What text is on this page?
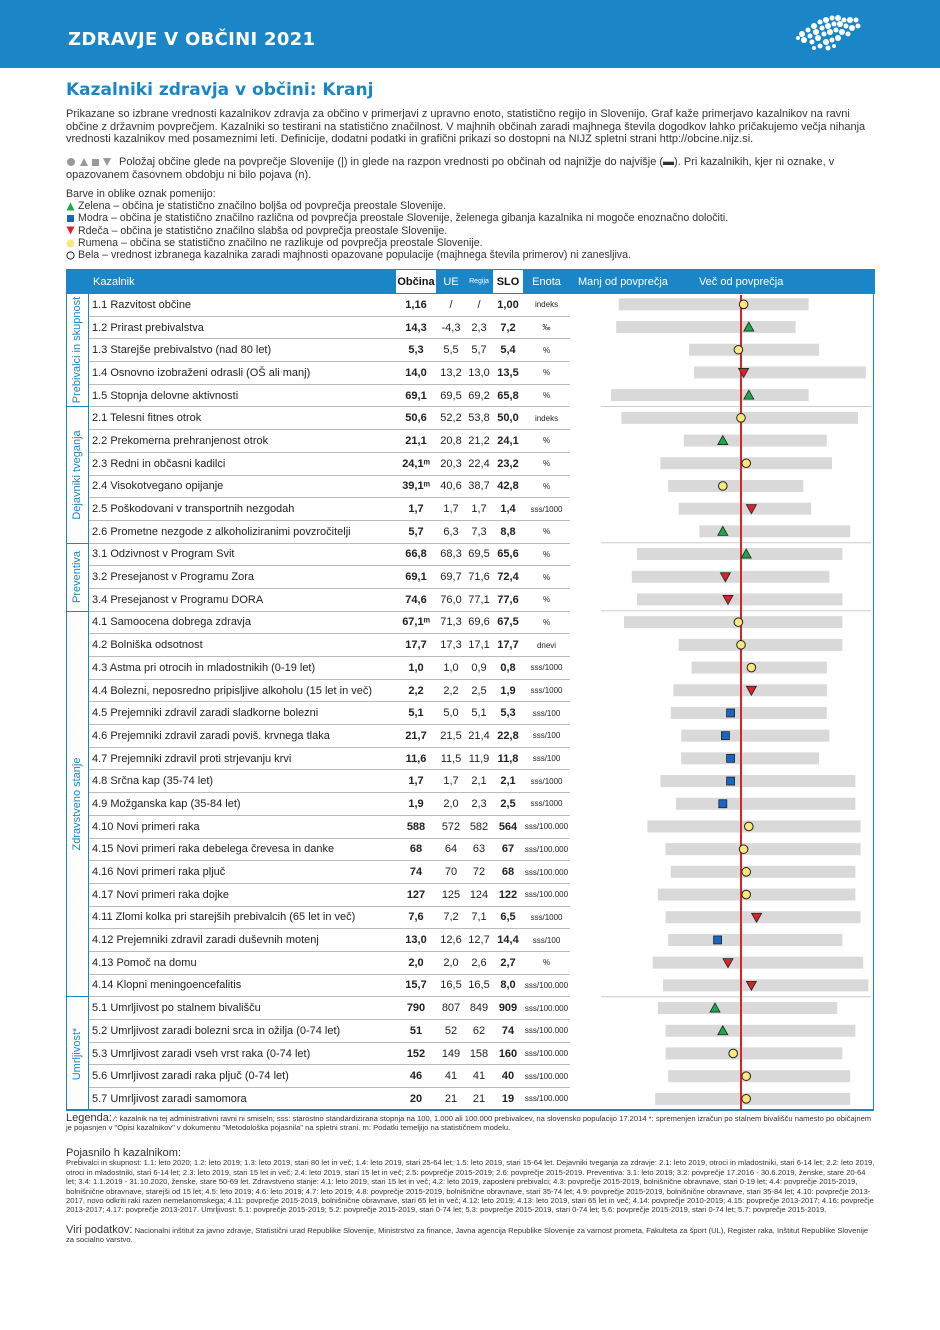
ZDRAVJE V OBČINI 2021
Kazalniki zdravja v občini: Kranj
Prikazane so izbrane vrednosti kazalnikov zdravja za občino v primerjavi z upravno enoto, statistično regijo in Slovenijo. Graf kaže primerjavo kazalnikov na ravni občine z državnim povprečjem. Kazalniki so testirani na statistično značilnost. V majhnih občinah zaradi majhnega števila dogodkov lahko pričakujemo večja nihanja vrednosti kazalnikov med posameznimi leti. Definicije, dodatni podatki in grafični prikazi so dostopni na NIJZ spletni strani http://obcine.nijz.si.
Položaj občine glede na povprečje Slovenije (|) in glede na razpon vrednosti po občinah od najnižje do najvišje (▬). Pri kazalnikih, kjer ni oznake, v opazovanem časovnem obdobju ni bilo pojava (n).
Barve in oblike oznak pomenijo:
Zelena – občina je statistično značilno boljša od povprečja preostale Slovenije.
Modra – občina je statistično značilno različna od povprečja preostale Slovenije, želenega gibanja kazalnika ni mogoče enoznačno določiti.
Rdeča – občina je statistično značilno slabša od povprečja preostale Slovenije.
Rumena – občina se statistično značilno ne razlikuje od povprečja preostale Slovenije.
Bela – vrednost izbranega kazalnika zaradi majhnosti opazovane populacije (majhnega števila primerov) ni zanesljiva.
	Kazalnik	Občina	UE	Regija	SLO	Enota	Manj od povprečja Več od povprečja

Prebivalci in skupnost	1.1 Razvitost občine	1,16	/	/	1,00	indeks	
	1.2 Prirast prebivalstva	14,3	-4,3	2,3	7,2	‰	
	1.3 Starejše prebivalstvo (nad 80 let)	5,3	5,5	5,7	5,4	%	
	1.4 Osnovno izobraženi odrasli (OŠ ali manj)	14,0	13,2	13,0	13,5	%	
	1.5 Stopnja delovne aktivnosti	69,1	69,5	69,2	65,8	%	

Dejavniki tveganja	2.1 Telesni fitnes otrok	50,6	52,2	53,8	50,0	indeks	
	2.2 Prekomerna prehranjenost otrok	21,1	20,8	21,2	24,1	%	
	2.3 Redni in občasni kadilci	24,1ᵐ	20,3	22,4	23,2	%	
	2.4 Visokotvegano opijanje	39,1ᵐ	40,6	38,7	42,8	%	
	2.5 Poškodovani v transportnih nezgodah	1,7	1,7	1,7	1,4	sss/1000	
	2.6 Prometne nezgode z alkoholiziranimi povzročitelji	5,7	6,3	7,3	8,8	%	

Preventiva	3.1 Odzivnost v Program Svit	66,8	68,3	69,5	65,6	%	
	3.2 Presejanost v Programu Zora	69,1	69,7	71,6	72,4	%	
	3.4 Presejanost v Programu DORA	74,6	76,0	77,1	77,6	%	

Zdravstveno stanje	4.1 Samoocena dobrega zdravja	67,1ᵐ	71,3	69,6	67,5	%	
	4.2 Bolniška odsotnost	17,7	17,3	17,1	17,7	dnevi	
	4.3 Astma pri otrocih in mladostnikih (0-19 let)	1,0	1,0	0,9	0,8	sss/1000	
	4.4 Bolezni, neposredno pripisljive alkoholu (15 let in več)	2,2	2,2	2,5	1,9	sss/1000	
	4.5 Prejemniki zdravil zaradi sladkorne bolezni	5,1	5,0	5,1	5,3	sss/100	
	4.6 Prejemniki zdravil zaradi poviš. krvnega tlaka	21,7	21,5	21,4	22,8	sss/100	
	4.7 Prejemniki zdravil proti strjevanju krvi	11,6	11,5	11,9	11,8	sss/100	
	4.8 Srčna kap (35-74 let)	1,7	1,7	2,1	2,1	sss/1000	
	4.9 Možganska kap (35-84 let)	1,9	2,0	2,3	2,5	sss/1000	
	4.10 Novi primeri raka	588	572	582	564	sss/100.000	
	4.15 Novi primeri raka debelega črevesa in danke	68	64	63	67	sss/100.000	
	4.16 Novi primeri raka pljuč	74	70	72	68	sss/100.000	
	4.17 Novi primeri raka dojke	127	125	124	122	sss/100.000	
	4.11 Zlomi kolka pri starejših prebivalcih (65 let in več)	7,6	7,2	7,1	6,5	sss/1000	
	4.12 Prejemniki zdravil zaradi duševnih motenj	13,0	12,6	12,7	14,4	sss/100	
	4.13 Pomoč na domu	2,0	2,0	2,6	2,7	%	
	4.14 Klopni meningoencefalitis	15,7	16,5	16,5	8,0	sss/100.000	

Umrljivost*	5.1 Umrljivost po stalnem bivališču	790	807	849	909	sss/100.000	
	5.2 Umrljivost zaradi bolezni srca in ožilja (0-74 let)	51	52	62	74	sss/100.000	
	5.3 Umrljivost zaradi vseh vrst raka (0-74 let)	152	149	158	160	sss/100.000	
	5.6 Umrljivost zaradi raka pljuč (0-74 let)	46	41	41	40	sss/100.000	
	5.7 Umrljivost zaradi samomora	20	21	21	19	sss/100.000	
Legenda: ⁄: kazalnik na tej administrativni ravni ni smiseln; sss: starostno standardizirana stopnja na 100, 1.000 ali 100.000 prebivalcev, na slovensko populacijo 17.2014 *: spremenjen izračun po stalnem bivališču namesto po običajnem je pojasnjen v "Opisi kazalnikov" v dokumentu "Metodološka pojasnila" na spletni strani. m: Podatki temeljijo na statističnem modelu.
Pojasnilo h kazalnikom:
Prebivalci in skupnost: 1.1: leto 2020; 1.2: leto 2019; 1.3: leto 2019, stari 80 let in več; 1.4: leto 2019, stari 25-64 let; 1.5: leto 2019, stari 15-64 let. Dejavniki tveganja za zdravje: 2.1: leto 2019, otroci in mladostniki, stari 6-14 let; 2.2: leto 2019, otroci in mladostniki, stari 6-14 let; 2.3: leto 2019, stari 15 let in več; 2.4: leto 2019, stari 15 let in več; 2.5: povprečje 2015-2019; 2.6: povprečje 2015-2019. Preventiva: 3.1: leto 2019; 3.2: povprečje 17.2016 - 30.6.2019, ženske, stare 20-64 let; 3.4: 1.1.2019 - 31.10.2020, ženske, stare 50-69 let. Zdravstveno stanje: 4.1: leto 2019, stari 15 let in več; 4.2: leto 2019, zaposleni prebivalci; 4.3: povprečje 2015-2019, bolnišnične obravnave, stari 0-19 let; 4.4: povprečje 2015-2019, bolnišnične obravnave, starejši od 15 let; 4.5: leto 2019; 4.6: leto 2019; 4.7: leto 2019; 4.8: povprečje 2015-2019, bolnišnične obravnave, stari 35-74 let; 4.9: povprečje 2015-2019, bolnišnične obravnave, stari 35-84 let; 4.10: povprečje 2013-2017, novo odkriti raki razen nemelanomskega; 4.11: povprečje 2015-2019, bolnišnične obravnave, stari 65 let in več; 4.12: leto 2019; 4.13: leto 2019, stari 65 let in več; 4.14: povprečje 2010-2019; 4.15: povprečje 2013-2017; 4.16: povprečje 2013-2017; 4.17: povprečje 2013-2017. Umrljivost: 5.1: povprečje 2015-2019; 5.2: povprečje 2015-2019, stari 0-74 let; 5.3: povprečje 2015-2019, stari 0-74 let; 5.6: povprečje 2015-2019, stari 0-74 let; 5.7: povprečje 2015-2019.
Viri podatkov: Nacionalni inštitut za javno zdravje, Statistični urad Republike Slovenije, Ministrstvo za finance, Javna agencija Republike Slovenije za varnost prometa, Fakulteta za šport (UL), Register raka, Inštitut Republike Slovenije za socialno varstvo.
